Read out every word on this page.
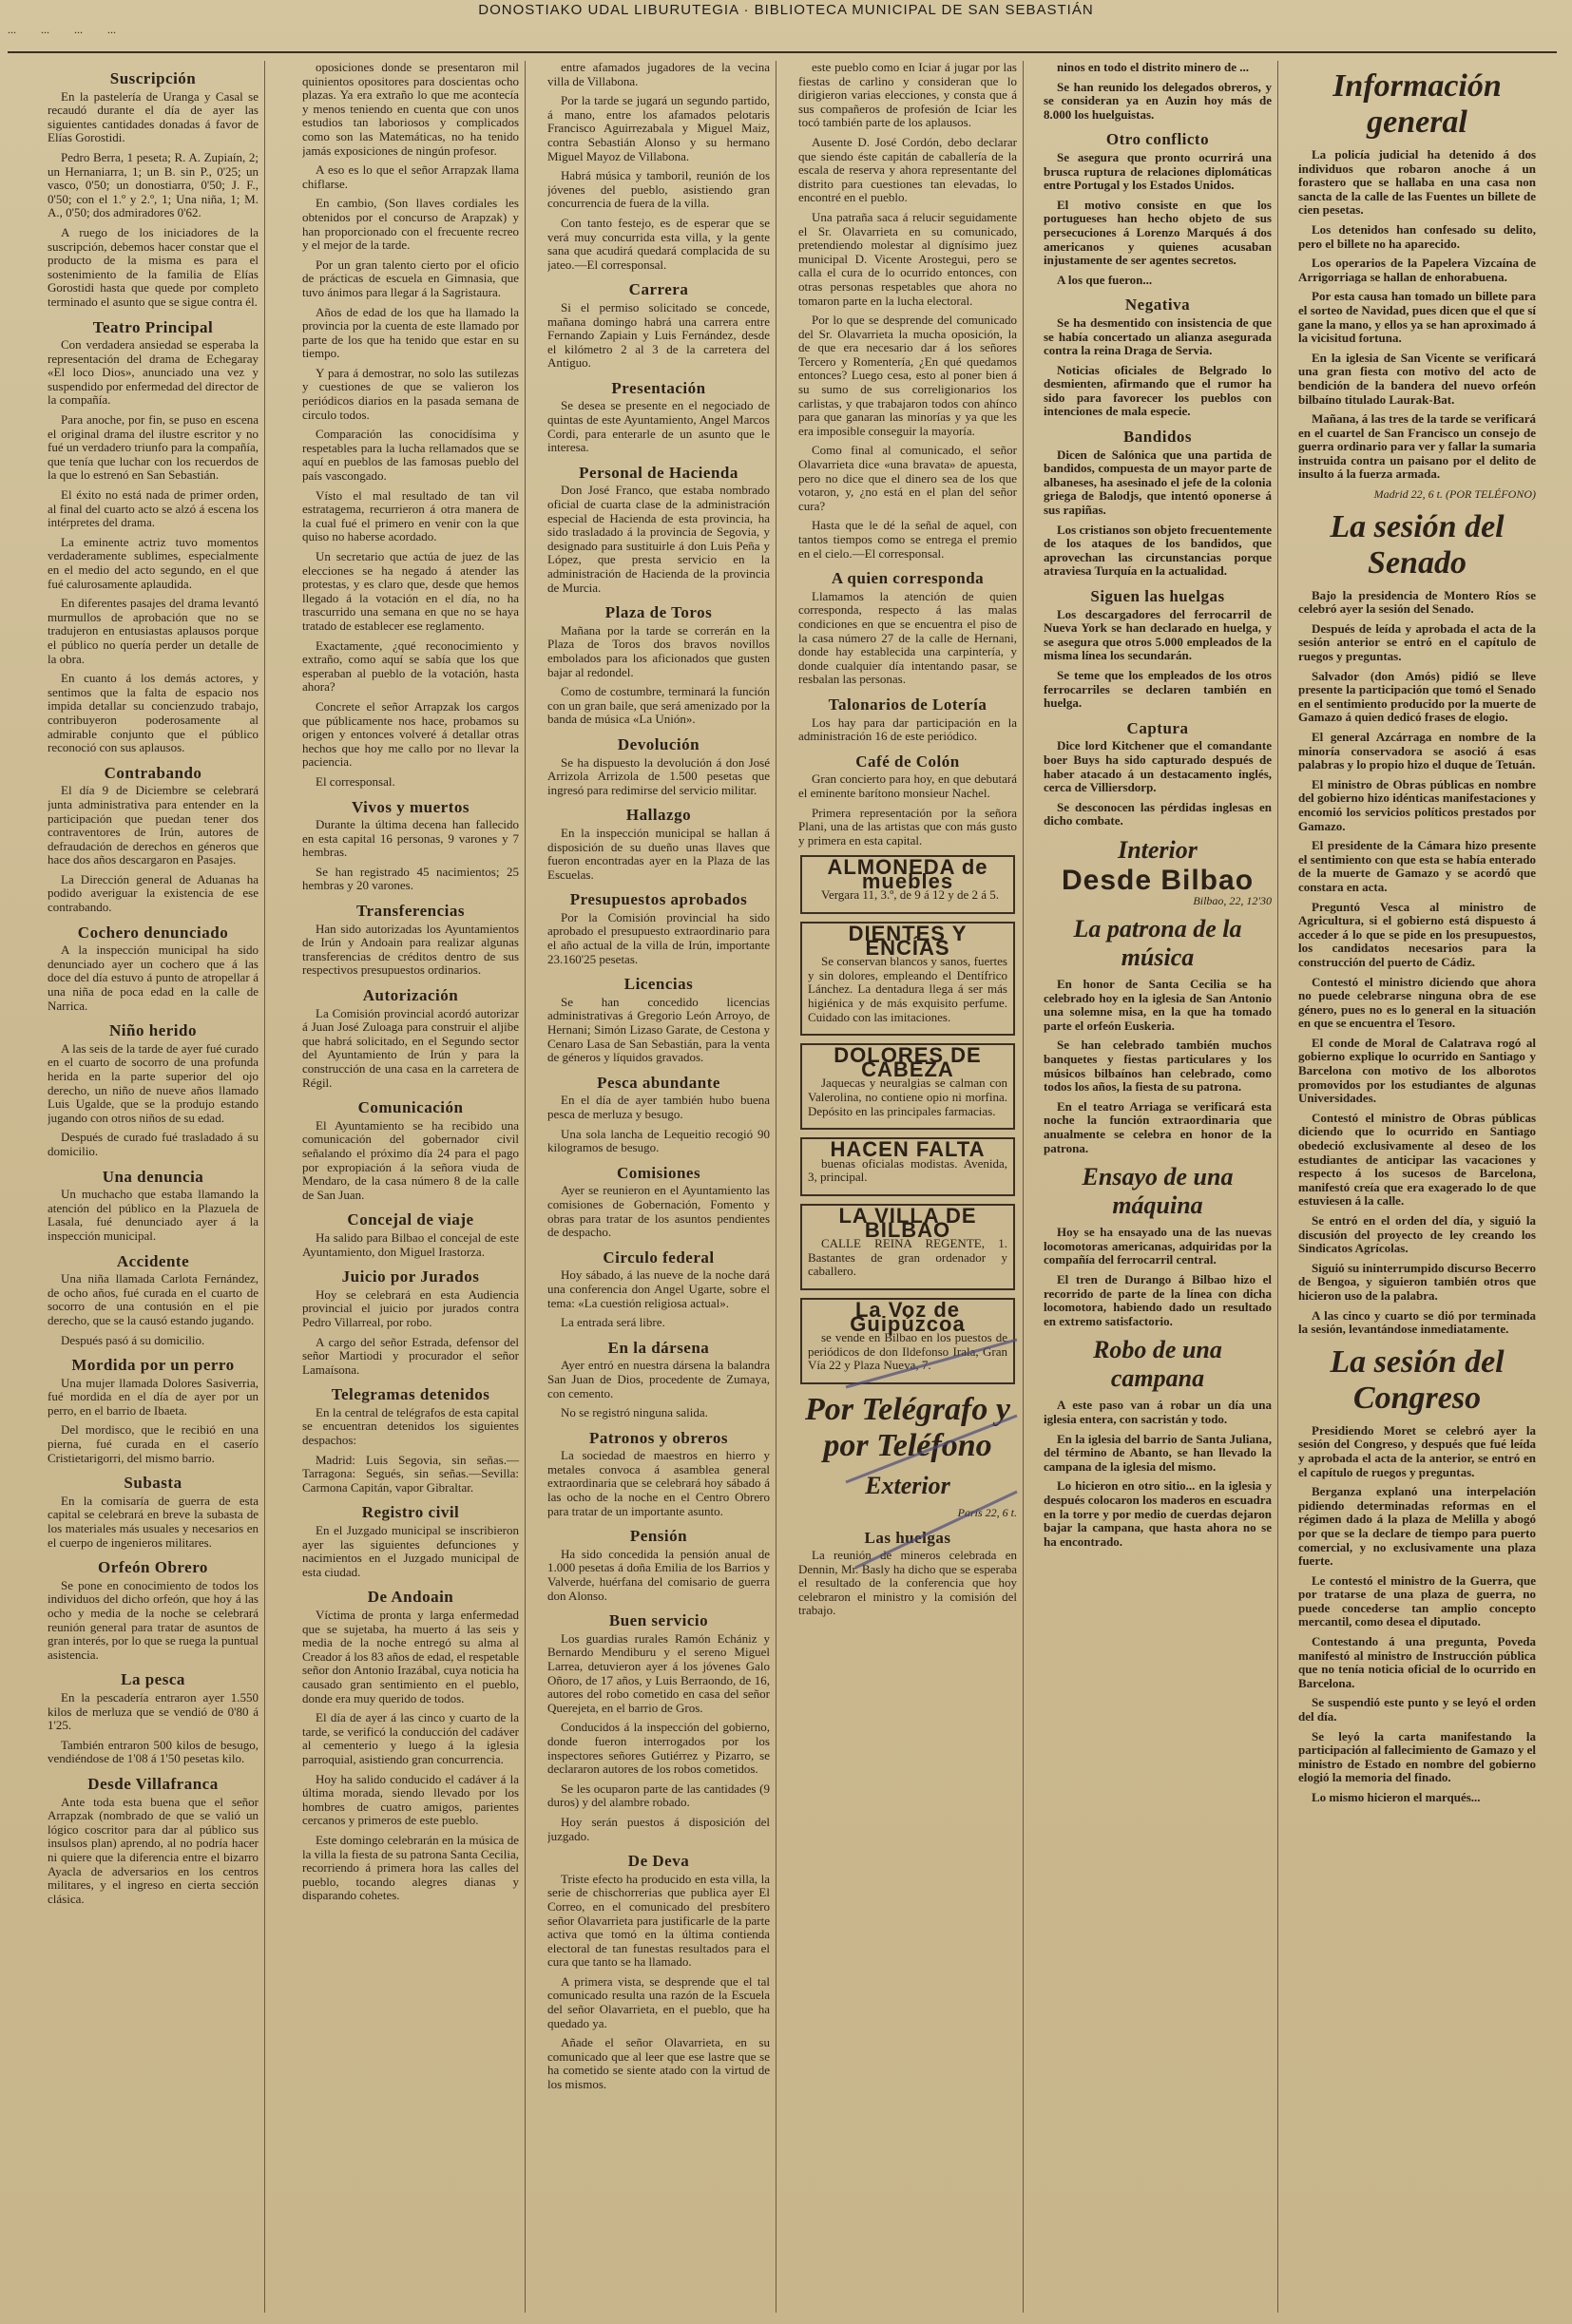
DONOSTIAKO UDAL LIBURUTEGIA · BIBLIOTECA MUNICIPAL DE SAN SEBASTIÁN
... ... ... ...
Suscripción

En la pastelería de Uranga y Casal se recaudó durante el día de ayer las siguientes cantidades donadas á favor de Elías Gorostidi.

Pedro Berra, 1 peseta; R. A. Zupiaín, 2; un Hernaniarra, 1; un B. sin P., 0'25; un vasco, 0'50; un donostiarra, 0'50; J. F., 0'50; con el 1.º y 2.º, 1; Una niña, 1; M. A., 0'50; dos admiradores 0'62.

A ruego de los iniciadores de la suscripción, debemos hacer constar que el producto de la misma es para el sostenimiento de la familia de Elías Gorostidi hasta que quede por completo terminado el asunto que se sigue contra él.

Teatro Principal

Con verdadera ansiedad se esperaba la representación del drama de Echegaray «El loco Dios», anunciado una vez y suspendido por enfermedad del director de la compañía.

Para anoche, por fin, se puso en escena el original drama del ilustre escritor y no fué un verdadero triunfo para la compañía, que tenía que luchar con los recuerdos de la que lo estrenó en San Sebastián.

El éxito no está nada de primer orden, al final del cuarto acto se alzó á escena los intérpretes del drama.

La eminente actriz tuvo momentos verdaderamente sublimes, especialmente en el medio del acto segundo, en el que fué calurosamente aplaudida.

En diferentes pasajes del drama levantó murmullos de aprobación que no se tradujeron en entusiastas aplausos porque el público no quería perder un detalle de la obra.

En cuanto á los demás actores, y sentimos que la falta de espacio nos impida detallar su concienzudo trabajo, contribuyeron poderosamente al admirable conjunto que el público reconoció con sus aplausos.

Contrabando

El día 9 de Diciembre se celebrará junta administrativa para entender en la participación que puedan tener dos contraventores de Irún, autores de defraudación de derechos en géneros que hace dos años descargaron en Pasajes.

La Dirección general de Aduanas ha podido averiguar la existencia de ese contrabando.

Cochero denunciado

A la inspección municipal ha sido denunciado ayer un cochero que á las doce del día estuvo á punto de atropellar á una niña de poca edad en la calle de Narrica.

Niño herido

A las seis de la tarde de ayer fué curado en el cuarto de socorro de una profunda herida en la parte superior del ojo derecho, un niño de nueve años llamado Luis Ugalde, que se la produjo estando jugando con otros niños de su edad.

Después de curado fué trasladado á su domicilio.

Una denuncia

Un muchacho que estaba llamando la atención del público en la Plazuela de Lasala, fué denunciado ayer á la inspección municipal.

Accidente

Una niña llamada Carlota Fernández, de ocho años, fué curada en el cuarto de socorro de una contusión en el pie derecho, que se la causó estando jugando.

Después pasó á su domicilio.

Mordida por un perro

Una mujer llamada Dolores Sasiverria, fué mordida en el día de ayer por un perro, en el barrio de Ibaeta.

Del mordisco, que le recibió en una pierna, fué curada en el caserío Cristietarigorri, del mismo barrio.

Subasta

En la comisaría de guerra de esta capital se celebrará en breve la subasta de los materiales más usuales y necesarios en el cuerpo de ingenieros militares.

Orfeón Obrero

Se pone en conocimiento de todos los individuos del dicho orfeón, que hoy á las ocho y media de la noche se celebrará reunión general para tratar de asuntos de gran interés, por lo que se ruega la puntual asistencia.

La pesca

En la pescadería entraron ayer 1.550 kilos de merluza que se vendió de 0'80 á 1'25.

También entraron 500 kilos de besugo, vendiéndose de 1'08 á 1'50 pesetas kilo.

Desde Villafranca

Ante toda esta buena que el señor Arrapzak (nombrado de que se valió un lógico coscritor para dar al público sus insulsos plan) aprendo, al no podría hacer ni quiere que la diferencia entre el bizarro Ayacla de adversarios en los centros militares, y el ingreso en cierta sección clásica.

oposiciones donde se presentaron mil quinientos opositores para doscientas ocho plazas. Ya era extraño lo que me acontecía y menos teniendo en cuenta que con unos estudios tan laboriosos y complicados como son las Matemáticas, no ha tenido jamás exposiciones de ningún profesor.

A eso es lo que el señor Arrapzak llama chiflarse.

En cambio, (Son llaves cordiales les obtenidos por el concurso de Arapzak) y han proporcionado con el frecuente recreo y el mejor de la tarde.

Por un gran talento cierto por el oficio de prácticas de escuela en Gimnasia, que tuvo ánimos para llegar á la Sagristaura.

Años de edad de los que ha llamado la provincia por la cuenta de este llamado por parte de los que ha tenido que estar en su tiempo.

Y para á demostrar, no solo las sutilezas y cuestiones de que se valieron los periódicos diarios en la pasada semana de circulo todos.

Comparación las conocidísima y respetables para la lucha rellamados que se aquí en pueblos de las famosas pueblo del país vascongado.

Vísto el mal resultado de tan vil estratagema, recurrieron á otra manera de la cual fué el primero en venir con la que quiso no haberse acordado.

Un secretario que actúa de juez de las elecciones se ha negado á atender las protestas, y es claro que, desde que hemos llegado á la votación en el día, no ha trascurrido una semana en que no se haya tratado de establecer ese reglamento.

Exactamente, ¿qué reconocimiento y extraño, como aquí se sabía que los que esperaban al pueblo de la votación, hasta ahora?

Concrete el señor Arrapzak los cargos que públicamente nos hace, probamos su origen y entonces volveré á detallar otras hechos que hoy me callo por no llevar la paciencia.

El corresponsal.

Vivos y muertos

Durante la última decena han fallecido en esta capital 16 personas, 9 varones y 7 hembras.

Se han registrado 45 nacimientos; 25 hembras y 20 varones.

Transferencias

Han sido autorizadas los Ayuntamientos de Irún y Andoain para realizar algunas transferencias de créditos dentro de sus respectivos presupuestos ordinarios.

Autorización

La Comisión provincial acordó autorizar á Juan José Zuloaga para construir el aljibe que habrá solicitado, en el Segundo sector del Ayuntamiento de Irún y para la construcción de una casa en la carretera de Régil.

Comunicación

El Ayuntamiento se ha recibido una comunicación del gobernador civil señalando el próximo día 24 para el pago por expropiación á la señora viuda de Mendaro, de la casa número 8 de la calle de San Juan.

Concejal de viaje

Ha salido para Bilbao el concejal de este Ayuntamiento, don Miguel Irastorza.

Juicio por Jurados

Hoy se celebrará en esta Audiencia provincial el juicio por jurados contra Pedro Villarreal, por robo.

A cargo del señor Estrada, defensor del señor Martiodi y procurador el señor Lamaísona.

Telegramas detenidos

En la central de telégrafos de esta capital se encuentran detenidos los siguientes despachos:

Madrid: Luis Segovia, sin señas.— Tarragona: Segués, sin señas.—Sevilla: Carmona Capitán, vapor Gibraltar.

Registro civil

En el Juzgado municipal se inscribieron ayer las siguientes defunciones y nacimientos en el Juzgado municipal de esta ciudad.

De Andoain

Víctima de pronta y larga enfermedad que se sujetaba, ha muerto á las seis y media de la noche entregó su alma al Creador á los 83 años de edad, el respetable señor don Antonio Irazábal, cuya noticia ha causado gran sentimiento en el pueblo, donde era muy querido de todos.

El día de ayer á las cinco y cuarto de la tarde, se verificó la conducción del cadáver al cementerio y luego á la iglesia parroquial, asistiendo gran concurrencia.

Hoy ha salido conducido el cadáver á la última morada, siendo llevado por los hombres de cuatro amigos, parientes cercanos y primeros de este pueblo.

Este domingo celebrarán en la música de la villa la fiesta de su patrona Santa Cecilia, recorriendo á primera hora las calles del pueblo, tocando alegres dianas y disparando cohetes.

entre afamados jugadores de la vecina villa de Villabona.

Por la tarde se jugará un segundo partido, á mano, entre los afamados pelotaris Francisco Aguirrezabala y Miguel Maiz, contra Sebastián Alonso y su hermano Miguel Mayoz de Villabona.

Habrá música y tamboril, reunión de los jóvenes del pueblo, asistiendo gran concurrencia de fuera de la villa.

Con tanto festejo, es de esperar que se verá muy concurrida esta villa, y la gente sana que acudirá quedará complacida de su jateo.—El corresponsal.

Carrera

Si el permiso solicitado se concede, mañana domingo habrá una carrera entre Fernando Zapiain y Luis Fernández, desde el kilómetro 2 al 3 de la carretera del Antiguo.

Presentación

Se desea se presente en el negociado de quintas de este Ayuntamiento, Angel Marcos Cordi, para enterarle de un asunto que le interesa.

Personal de Hacienda

Don José Franco, que estaba nombrado oficial de cuarta clase de la administración especial de Hacienda de esta provincia, ha sido trasladado á la provincia de Segovia, y designado para sustituirle á don Luis Peña y López, que presta servicio en la administración de Hacienda de la provincia de Murcia.

Plaza de Toros

Mañana por la tarde se correrán en la Plaza de Toros dos bravos novillos embolados para los aficionados que gusten bajar al redondel.

Como de costumbre, terminará la función con un gran baile, que será amenizado por la banda de música «La Unión».

Devolución

Se ha dispuesto la devolución á don José Arrizola Arrizola de 1.500 pesetas que ingresó para redimirse del servicio militar.

Hallazgo

En la inspección municipal se hallan á disposición de su dueño unas llaves que fueron encontradas ayer en la Plaza de las Escuelas.

Presupuestos aprobados

Por la Comisión provincial ha sido aprobado el presupuesto extraordinario para el año actual de la villa de Irún, importante 23.160'25 pesetas.

Licencias

Se han concedido licencias administrativas á Gregorio León Arroyo, de Hernani; Simón Lizaso Garate, de Cestona y Cenaro Lasa de San Sebastián, para la venta de géneros y líquidos gravados.

Pesca abundante

En el día de ayer también hubo buena pesca de merluza y besugo.

Una sola lancha de Lequeitio recogió 90 kilogramos de besugo.

Comisiones

Ayer se reunieron en el Ayuntamiento las comisiones de Gobernación, Fomento y obras para tratar de los asuntos pendientes de despacho.

Circulo federal

Hoy sábado, á las nueve de la noche dará una conferencia don Angel Ugarte, sobre el tema: «La cuestión religiosa actual».

La entrada será libre.

En la dársena

Ayer entró en nuestra dársena la balandra San Juan de Dios, procedente de Zumaya, con cemento.

No se registró ninguna salida.

Patronos y obreros

La sociedad de maestros en hierro y metales convoca á asamblea general extraordinaria que se celebrará hoy sábado á las ocho de la noche en el Centro Obrero para tratar de un importante asunto.

Pensión

Ha sido concedida la pensión anual de 1.000 pesetas á doña Emilia de los Barrios y Valverde, huérfana del comisario de guerra don Alonso.

Buen servicio

Los guardias rurales Ramón Echániz y Bernardo Mendiburu y el sereno Miguel Larrea, detuvieron ayer á los jóvenes Galo Oñoro, de 17 años, y Luis Berraondo, de 16, autores del robo cometido en casa del señor Querejeta, en el barrio de Gros.

Conducidos á la inspección del gobierno, donde fueron interrogados por los inspectores señores Gutiérrez y Pizarro, se declararon autores de los robos cometidos.

Se les ocuparon parte de las cantidades (9 duros) y del alambre robado.

Hoy serán puestos á disposición del juzgado.

De Deva

Triste efecto ha producido en esta villa, la serie de chischorrerias que publica ayer El Correo, en el comunicado del presbítero señor Olavarrieta para justificarle de la parte activa que tomó en la última contienda electoral de tan funestas resultados para el cura que tanto se ha llamado.

A primera vista, se desprende que el tal comunicado resulta una razón de la Escuela del señor Olavarrieta, en el pueblo, que ha quedado ya.

Añade el señor Olavarrieta, en su comunicado que al leer que ese lastre que se ha cometido se siente atado con la virtud de los mismos.

este pueblo como en Iciar á jugar por las fiestas de carlino y consideran que lo dirigieron varias elecciones, y consta que á sus compañeros de profesión de Iciar les tocó también parte de los aplausos.

Ausente D. José Cordón, debo declarar que siendo éste capitán de caballería de la escala de reserva y ahora representante del distrito para cuestiones tan elevadas, lo encontré en el pueblo.

Una patraña saca á relucir seguidamente el Sr. Olavarrieta en su comunicado, pretendiendo molestar al dignísimo juez municipal D. Vicente Arostegui, pero se calla el cura de lo ocurrido entonces, con otras personas respetables que ahora no tomaron parte en la lucha electoral.

Por lo que se desprende del comunicado del Sr. Olavarrieta la mucha oposición, la de que era necesario dar á los señores Tercero y Romentería, ¿En qué quedamos entonces? Luego cesa, esto al poner bien á su sumo de sus correligionarios los carlistas, y que trabajaron todos con ahínco para que ganaran las minorías y ya que les era imposible conseguir la mayoría.

Como final al comunicado, el señor Olavarrieta dice «una bravata» de apuesta, pero no dice que el dinero sea de los que votaron, y, ¿no está en el plan del señor cura?

Hasta que le dé la señal de aquel, con tantos tiempos como se entrega el premio en el cielo.—El corresponsal.

A quien corresponda

Llamamos la atención de quien corresponda, respecto á las malas condiciones en que se encuentra el piso de la casa número 27 de la calle de Hernani, donde hay establecida una carpintería, y donde cualquier día intentando pasar, se resbalan las personas.

Talonarios de Lotería

Los hay para dar participación en la administración 16 de este periódico.

Café de Colón

Gran concierto para hoy, en que debutará el eminente barítono monsieur Nachel.

Primera representación por la señora Plani, una de las artistas que con más gusto y primera en esta capital.

ALMONEDA de muebles

Vergara 11, 3.º, de 9 á 12 y de 2 á 5.

DIENTES Y ENCÍAS

Se conservan blancos y sanos, fuertes y sin dolores, empleando el Dentífrico Lánchez. La dentadura llega á ser más higiénica y de más exquisito perfume. Cuidado con las imitaciones.

DOLORES DE CABEZA

Jaquecas y neuralgias se calman con Valerolina, no contiene opio ni morfina. Depósito en las principales farmacias.

HACEN FALTA

buenas oficialas modistas. Avenida, 3, principal.

LA VILLA DE BILBAO

CALLE REINA REGENTE, 1. Bastantes de gran ordenador y caballero.

La Voz de Guipúzcoa

se vende en Bilbao en los puestos de periódicos de don Ildefonso Irala, Gran Vía 22 y Plaza Nueva, 7.

Por Telégrafo y por Teléfono
Exterior
París 22, 6 t.
Las huelgas

La reunión de mineros celebrada en Dennin, Mr. Basly ha dicho que se esperaba el resultado de la conferencia que hoy celebraron el ministro y la comisión del trabajo.

ninos en todo el distrito minero de ...

Se han reunido los delegados obreros, y se consideran ya en Auzin hoy más de 8.000 los huelguistas.

Otro conflicto

Se asegura que pronto ocurrirá una brusca ruptura de relaciones diplomáticas entre Portugal y los Estados Unidos.

El motivo consiste en que los portugueses han hecho objeto de sus persecuciones á Lorenzo Marqués á dos americanos y quienes acusaban injustamente de ser agentes secretos.

A los que fueron...

Negativa

Se ha desmentido con insistencia de que se había concertado un alianza asegurada contra la reina Draga de Servia.

Noticias oficiales de Belgrado lo desmienten, afirmando que el rumor ha sido para favorecer los pueblos con intenciones de mala especie.

Bandidos

Dicen de Salónica que una partida de bandidos, compuesta de un mayor parte de albaneses, ha asesinado el jefe de la colonia griega de Balodjs, que intentó oponerse á sus rapiñas.

Los cristianos son objeto frecuentemente de los ataques de los bandidos, que aprovechan las circunstancias porque atraviesa Turquía en la actualidad.

Siguen las huelgas

Los descargadores del ferrocarril de Nueva York se han declarado en huelga, y se asegura que otros 5.000 empleados de la misma línea los secundarán.

Se teme que los empleados de los otros ferrocarriles se declaren también en huelga.

Captura

Dice lord Kitchener que el comandante boer Buys ha sido capturado después de haber atacado á un destacamento inglés, cerca de Villiersdorp.

Se desconocen las pérdidas inglesas en dicho combate.

Interior
Desde Bilbao
Bilbao, 22, 12'30
La patrona de la música

En honor de Santa Cecilia se ha celebrado hoy en la iglesia de San Antonio una solemne misa, en la que ha tomado parte el orfeón Euskeria.

Se han celebrado también muchos banquetes y fiestas particulares y los músicos bilbaínos han celebrado, como todos los años, la fiesta de su patrona.

En el teatro Arriaga se verificará esta noche la función extraordinaria que anualmente se celebra en honor de la patrona.

Ensayo de una máquina

Hoy se ha ensayado una de las nuevas locomotoras americanas, adquiridas por la compañía del ferrocarril central.

El tren de Durango á Bilbao hizo el recorrido de parte de la línea con dicha locomotora, habiendo dado un resultado en extremo satisfactorio.

Robo de una campana

A este paso van á robar un día una iglesia entera, con sacristán y todo.

En la iglesia del barrio de Santa Juliana, del término de Abanto, se han llevado la campana de la iglesia del mismo.

Lo hicieron en otro sitio... en la iglesia y después colocaron los maderos en escuadra en la torre y por medio de cuerdas dejaron bajar la campana, que hasta ahora no se ha encontrado.

Información general

La policía judicial ha detenido á dos individuos que robaron anoche á un forastero que se hallaba en una casa non sancta de la calle de las Fuentes un billete de cien pesetas.

Los detenidos han confesado su delito, pero el billete no ha aparecido.

Los operarios de la Papelera Vizcaína de Arrigorriaga se hallan de enhorabuena.

Por esta causa han tomado un billete para el sorteo de Navidad, pues dicen que el que sí gane la mano, y ellos ya se han aproximado á la vicisitud fortuna.

En la iglesia de San Vicente se verificará una gran fiesta con motivo del acto de bendición de la bandera del nuevo orfeón bilbaíno titulado Laurak-Bat.

Mañana, á las tres de la tarde se verificará en el cuartel de San Francisco un consejo de guerra ordinario para ver y fallar la sumaria instruida contra un paisano por el delito de insulto á la fuerza armada.

Madrid 22, 6 t. (POR TELÉFONO)
La sesión del Senado

Bajo la presidencia de Montero Ríos se celebró ayer la sesión del Senado.

Después de leída y aprobada el acta de la sesión anterior se entró en el capítulo de ruegos y preguntas.

Salvador (don Amós) pidió se lleve presente la participación que tomó el Senado en el sentimiento producido por la muerte de Gamazo á quien dedicó frases de elogio.

El general Azcárraga en nombre de la minoría conservadora se asoció á esas palabras y lo propio hizo el duque de Tetuán.

El ministro de Obras públicas en nombre del gobierno hizo idénticas manifestaciones y encomió los servicios políticos prestados por Gamazo.

El presidente de la Cámara hizo presente el sentimiento con que esta se había enterado de la muerte de Gamazo y se acordó que constara en acta.

Preguntó Vesca al ministro de Agricultura, si el gobierno está dispuesto á acceder á lo que se pide en los presupuestos, los candidatos necesarios para la construcción del puerto de Cádiz.

Contestó el ministro diciendo que ahora no puede celebrarse ninguna obra de ese género, pues no es lo general en la situación en que se encuentra el Tesoro.

El conde de Moral de Calatrava rogó al gobierno explique lo ocurrido en Santiago y Barcelona con motivo de los alborotos promovidos por los estudiantes de algunas Universidades.

Contestó el ministro de Obras públicas diciendo que lo ocurrido en Santiago obedeció exclusivamente al deseo de los estudiantes de anticipar las vacaciones y respecto á los sucesos de Barcelona, manifestó creía que era exagerado lo de que estuviesen á la calle.

Se entró en el orden del día, y siguió la discusión del proyecto de ley creando los Sindicatos Agrícolas.

Siguió su ininterrumpido discurso Becerro de Bengoa, y siguieron también otros que hicieron uso de la palabra.

A las cinco y cuarto se dió por terminada la sesión, levantándose inmediatamente.

La sesión del Congreso

Presidiendo Moret se celebró ayer la sesión del Congreso, y después que fué leída y aprobada el acta de la anterior, se entró en el capítulo de ruegos y preguntas.

Berganza explanó una interpelación pidiendo determinadas reformas en el régimen dado á la plaza de Melilla y abogó por que se la declare de tiempo para puerto comercial, y no exclusivamente una plaza fuerte.

Le contestó el ministro de la Guerra, que por tratarse de una plaza de guerra, no puede concederse tan amplio concepto mercantil, como desea el diputado.

Contestando á una pregunta, Poveda manifestó al ministro de Instrucción pública que no tenía noticia oficial de lo ocurrido en Barcelona.

Se suspendió este punto y se leyó el orden del día.

Se leyó la carta manifestando la participación al fallecimiento de Gamazo y el ministro de Estado en nombre del gobierno elogió la memoria del finado.

Lo mismo hicieron el marqués...
